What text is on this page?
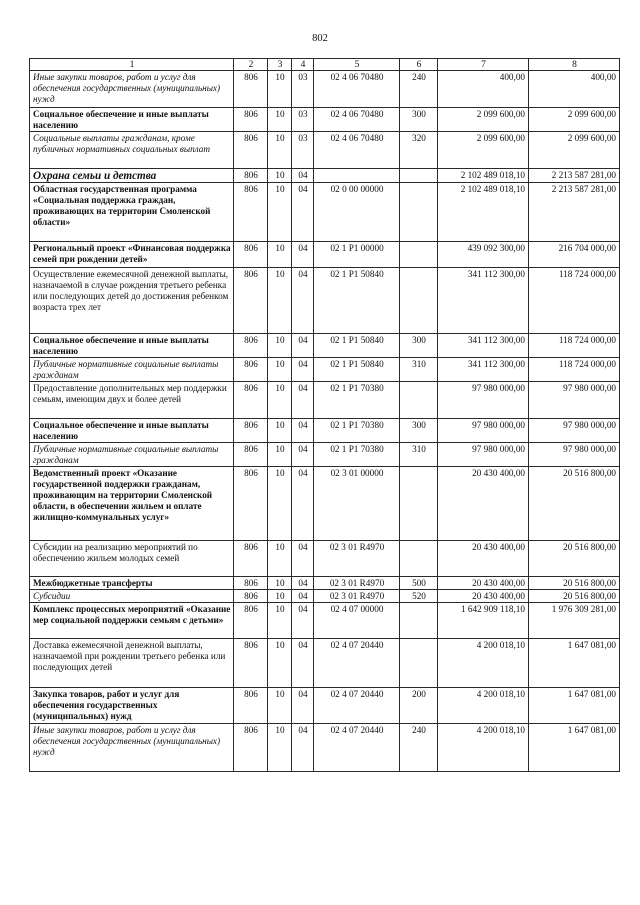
802
1	2	3	4	5	6	7	8
Иные закупки товаров, работ и услуг для обеспечения государственных (муниципальных) нужд	806	10	03	02 4 06 70480	240	400,00	400,00
Социальное обеспечение и иные выплаты населению	806	10	03	02 4 06 70480	300	2 099 600,00	2 099 600,00
Социальные выплаты гражданам, кроме публичных нормативных социальных выплат	806	10	03	02 4 06 70480	320	2 099 600,00	2 099 600,00
Охрана семьи и детства	806	10	04			2 102 489 018,10	2 213 587 281,00
Областная государственная программа «Социальная поддержка граждан, проживающих на территории Смоленской области»	806	10	04	02 0 00 00000		2 102 489 018,10	2 213 587 281,00
Региональный проект «Финансовая поддержка семей при рождении детей»	806	10	04	02 1 P1 00000		439 092 300,00	216 704 000,00
Осуществление ежемесячной денежной выплаты, назначаемой в случае рождения третьего ребенка или последующих детей до достижения ребенком возраста трех лет	806	10	04	02 1 P1 50840		341 112 300,00	118 724 000,00
Социальное обеспечение и иные выплаты населению	806	10	04	02 1 P1 50840	300	341 112 300,00	118 724 000,00
Публичные нормативные социальные выплаты гражданам	806	10	04	02 1 P1 50840	310	341 112 300,00	118 724 000,00
Предоставление дополнительных мер поддержки семьям, имеющим двух и более детей	806	10	04	02 1 P1 70380		97 980 000,00	97 980 000,00
Социальное обеспечение и иные выплаты населению	806	10	04	02 1 P1 70380	300	97 980 000,00	97 980 000,00
Публичные нормативные социальные выплаты гражданам	806	10	04	02 1 P1 70380	310	97 980 000,00	97 980 000,00
Ведомственный проект «Оказание государственной поддержки гражданам, проживающим на территории Смоленской области, в обеспечении жильем и оплате жилищно-коммунальных услуг»	806	10	04	02 3 01 00000		20 430 400,00	20 516 800,00
Субсидии на реализацию мероприятий по обеспечению жильем молодых семей	806	10	04	02 3 01 R4970		20 430 400,00	20 516 800,00
Межбюджетные трансферты	806	10	04	02 3 01 R4970	500	20 430 400,00	20 516 800,00
Субсидии	806	10	04	02 3 01 R4970	520	20 430 400,00	20 516 800,00
Комплекс процессных мероприятий «Оказание мер социальной поддержки семьям с детьми»	806	10	04	02 4 07 00000		1 642 909 118,10	1 976 309 281,00
Доставка ежемесячной денежной выплаты, назначаемой при рождении третьего ребенка или последующих детей	806	10	04	02 4 07 20440		4 200 018,10	1 647 081,00
Закупка товаров, работ и услуг для обеспечения государственных (муниципальных) нужд	806	10	04	02 4 07 20440	200	4 200 018,10	1 647 081,00
Иные закупки товаров, работ и услуг для обеспечения государственных (муниципальных) нужд	806	10	04	02 4 07 20440	240	4 200 018,10	1 647 081,00
